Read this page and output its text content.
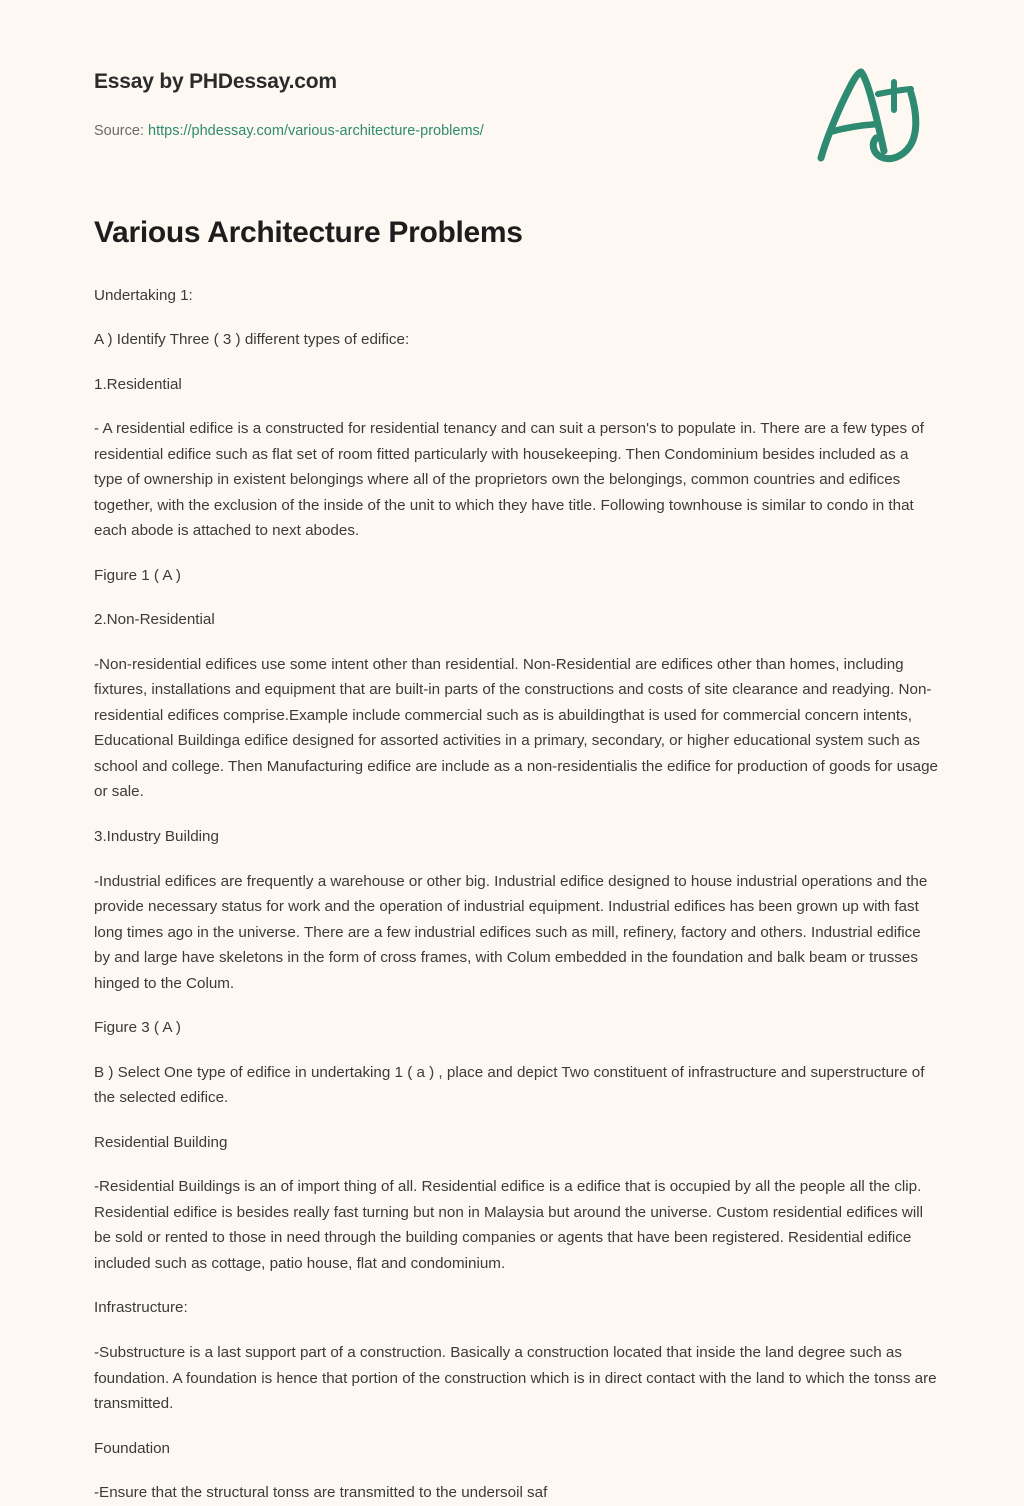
Essay by PHDessay.com
Source: https://phdessay.com/various-architecture-problems/
Various Architecture Problems

Undertaking 1:

A ) Identify Three ( 3 ) different types of edifice:

1.Residential

- A residential edifice is a constructed for residential tenancy and can suit a person's to populate in. There are a few types of residential edifice such as flat set of room fitted particularly with housekeeping. Then Condominium besides included as a type of ownership in existent belongings where all of the proprietors own the belongings, common countries and edifices together, with the exclusion of the inside of the unit to which they have title. Following townhouse is similar to condo in that each abode is attached to next abodes.

Figure 1 ( A )

2.Non-Residential

-Non-residential edifices use some intent other than residential. Non-Residential are edifices other than homes, including fixtures, installations and equipment that are built-in parts of the constructions and costs of site clearance and readying. Non-residential edifices comprise.Example include commercial such as is abuildingthat is used for commercial concern intents, Educational Buildinga edifice designed for assorted activities in a primary, secondary, or higher educational system such as school and college. Then Manufacturing edifice are include as a non-residentialis the edifice for production of goods for usage or sale.

3.Industry Building

-Industrial edifices are frequently a warehouse or other big. Industrial edifice designed to house industrial operations and the provide necessary status for work and the operation of industrial equipment. Industrial edifices has been grown up with fast long times ago in the universe. There are a few industrial edifices such as mill, refinery, factory and others. Industrial edifice by and large have skeletons in the form of cross frames, with Colum embedded in the foundation and balk beam or trusses hinged to the Colum.

Figure 3 ( A )

B ) Select One type of edifice in undertaking 1 ( a ) , place and depict Two constituent of infrastructure and superstructure of the selected edifice.

Residential Building

-Residential Buildings is an of import thing of all. Residential edifice is a edifice that is occupied by all the people all the clip. Residential edifice is besides really fast turning but non in Malaysia but around the universe. Custom residential edifices will be sold or rented to those in need through the building companies or agents that have been registered. Residential edifice included such as cottage, patio house, flat and condominium.

Infrastructure:

-Substructure is a last support part of a construction. Basically a construction located that inside the land degree such as foundation. A foundation is hence that portion of the construction which is in direct contact with the land to which the tonss are transmitted.

Foundation

-Ensure that the structural tonss are transmitted to the undersoil saf
